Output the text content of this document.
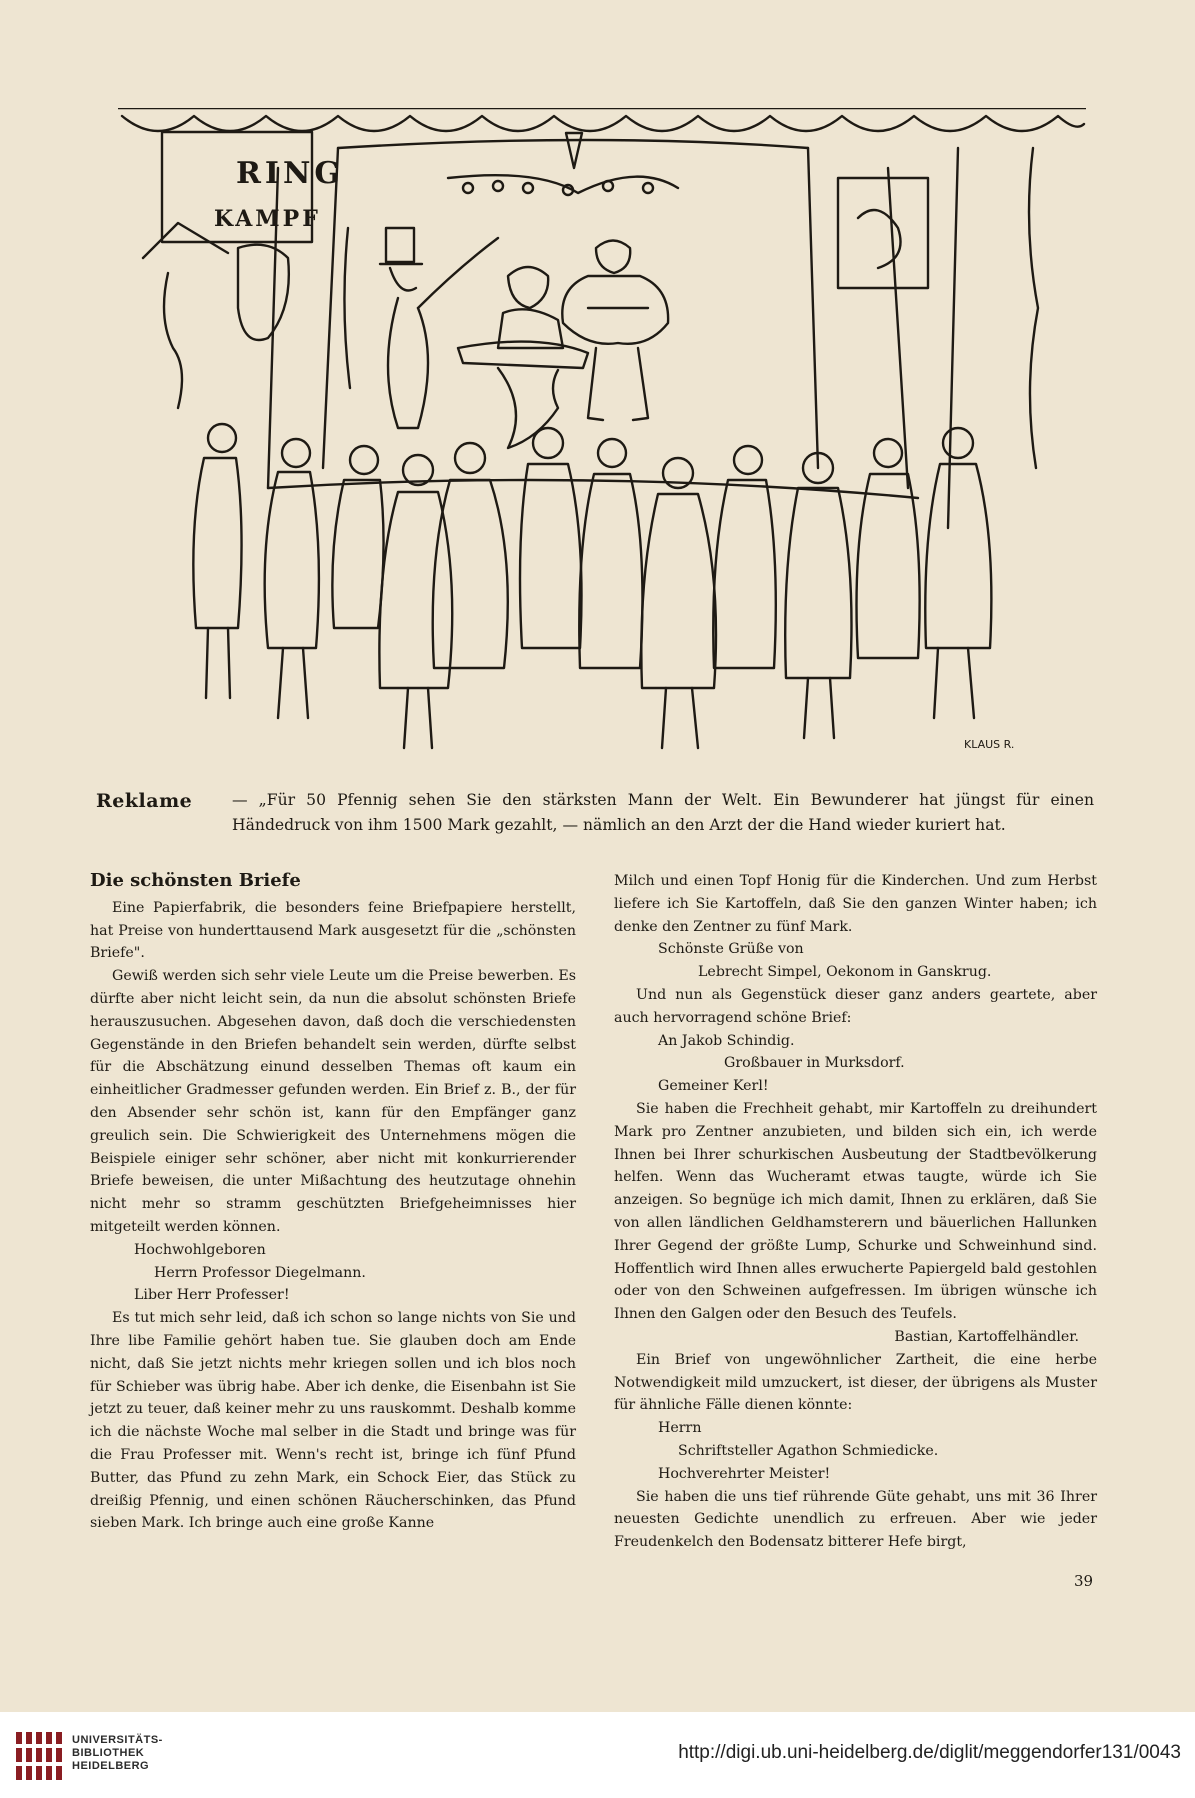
RING
KAMPF
KLAUS R.
Reklame	— „Für 50 Pfennig sehen Sie den stärksten Mann der Welt. Ein Bewunderer hat jüngst für einen Händedruck von ihm 1500 Mark gezahlt, — nämlich an den Arzt der die Hand wieder kuriert hat.
Die schönsten Briefe

Eine Papierfabrik, die besonders feine Briefpapiere herstellt, hat Preise von hunderttausend Mark ausgesetzt für die „schönsten Briefe".

Gewiß werden sich sehr viele Leute um die Preise bewerben. Es dürfte aber nicht leicht sein, da nun die absolut schönsten Briefe herauszusuchen. Abgesehen davon, daß doch die verschiedensten Gegenstände in den Briefen behandelt sein werden, dürfte selbst für die Abschätzung einund desselben Themas oft kaum ein einheitlicher Gradmesser gefunden werden. Ein Brief z. B., der für den Absender sehr schön ist, kann für den Empfänger ganz greulich sein. Die Schwierigkeit des Unternehmens mögen die Beispiele einiger sehr schöner, aber nicht mit konkurrierender Briefe beweisen, die unter Mißachtung des heutzutage ohnehin nicht mehr so stramm geschützten Briefgeheimnisses hier mitgeteilt werden können.

Hochwohlgeboren

Herrn Professor Diegelmann.

Liber Herr Professer!

Es tut mich sehr leid, daß ich schon so lange nichts von Sie und Ihre libe Familie gehört haben tue. Sie glauben doch am Ende nicht, daß Sie jetzt nichts mehr kriegen sollen und ich blos noch für Schieber was übrig habe. Aber ich denke, die Eisenbahn ist Sie jetzt zu teuer, daß keiner mehr zu uns rauskommt. Deshalb komme ich die nächste Woche mal selber in die Stadt und bringe was für die Frau Professer mit. Wenn's recht ist, bringe ich fünf Pfund Butter, das Pfund zu zehn Mark, ein Schock Eier, das Stück zu dreißig Pfennig, und einen schönen Räucherschinken, das Pfund sieben Mark. Ich bringe auch eine große Kanne

Milch und einen Topf Honig für die Kinderchen. Und zum Herbst liefere ich Sie Kartoffeln, daß Sie den ganzen Winter haben; ich denke den Zentner zu fünf Mark.

Schönste Grüße von

Lebrecht Simpel, Oekonom in Ganskrug.

Und nun als Gegenstück dieser ganz anders geartete, aber auch hervorragend schöne Brief:

An Jakob Schindig.

Großbauer in Murksdorf.

Gemeiner Kerl!

Sie haben die Frechheit gehabt, mir Kartoffeln zu dreihundert Mark pro Zentner anzubieten, und bilden sich ein, ich werde Ihnen bei Ihrer schurkischen Ausbeutung der Stadtbevölkerung helfen. Wenn das Wucheramt etwas taugte, würde ich Sie anzeigen. So begnüge ich mich damit, Ihnen zu erklären, daß Sie von allen ländlichen Geldhamsterern und bäuerlichen Hallunken Ihrer Gegend der größte Lump, Schurke und Schweinhund sind. Hoffentlich wird Ihnen alles erwucherte Papiergeld bald gestohlen oder von den Schweinen aufgefressen. Im übrigen wünsche ich Ihnen den Galgen oder den Besuch des Teufels.

Bastian, Kartoffelhändler.

Ein Brief von ungewöhnlicher Zartheit, die eine herbe Notwendigkeit mild umzuckert, ist dieser, der übrigens als Muster für ähnliche Fälle dienen könnte:

Herrn

Schriftsteller Agathon Schmiedicke.

Hochverehrter Meister!

Sie haben die uns tief rührende Güte gehabt, uns mit 36 Ihrer neuesten Gedichte unendlich zu erfreuen. Aber wie jeder Freudenkelch den Bodensatz bitterer Hefe birgt,

39
UNIVERSITÄTS-
BIBLIOTHEK
HEIDELBERG
http://digi.ub.uni-heidelberg.de/diglit/meggendorfer131/0043
